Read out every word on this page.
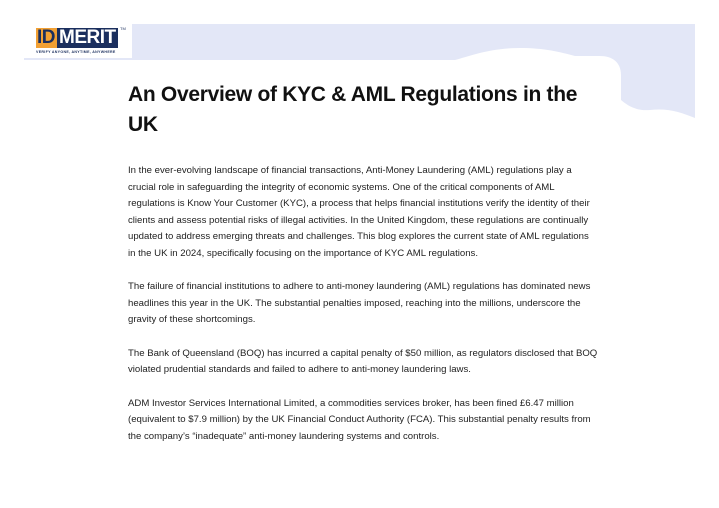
ID MERIT	TM
VERIFY ANYONE, ANYTIME, ANYWHERE
An Overview of KYC & AML Regulations in the UK

In the ever-evolving landscape of financial transactions, Anti-Money Laundering (AML) regulations play a crucial role in safeguarding the integrity of economic systems. One of the critical components of AML regulations is Know Your Customer (KYC), a process that helps financial institutions verify the identity of their clients and assess potential risks of illegal activities. In the United Kingdom, these regulations are continually updated to address emerging threats and challenges. This blog explores the current state of AML regulations in the UK in 2024, specifically focusing on the importance of KYC AML regulations.

The failure of financial institutions to adhere to anti-money laundering (AML) regulations has dominated news headlines this year in the UK. The substantial penalties imposed, reaching into the millions, underscore the gravity of these shortcomings.

The Bank of Queensland (BOQ) has incurred a capital penalty of $50 million, as regulators disclosed that BOQ violated prudential standards and failed to adhere to anti-money laundering laws.

ADM Investor Services International Limited, a commodities services broker, has been fined £6.47 million (equivalent to $7.9 million) by the UK Financial Conduct Authority (FCA). This substantial penalty results from the company’s “inadequate” anti-money laundering systems and controls.
